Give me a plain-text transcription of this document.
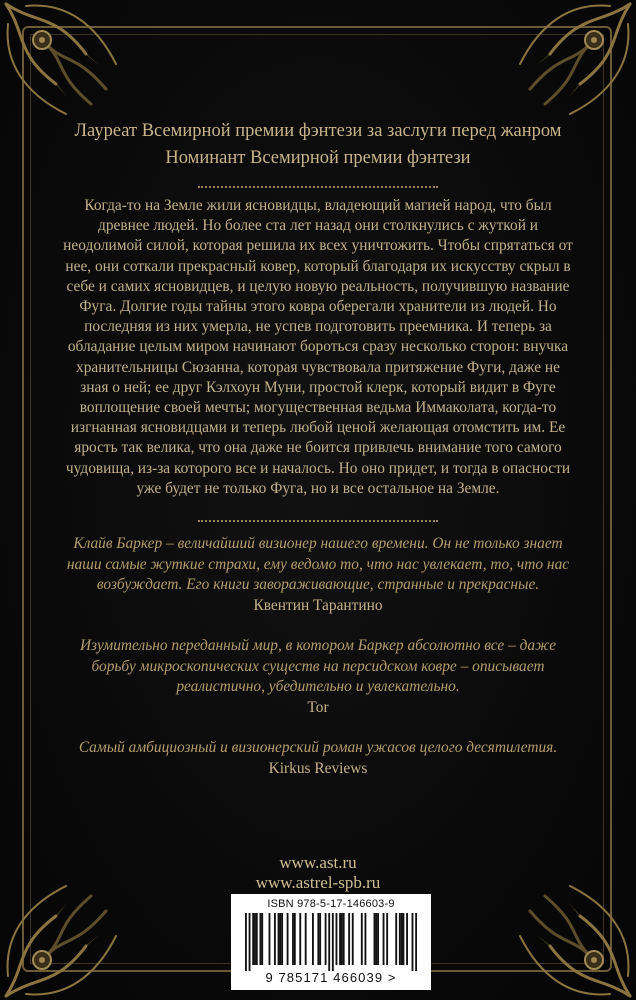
Лауреат Всемирной премии фэнтези за заслуги перед жанром
Номинант Всемирной премии фэнтези
Когда-то на Земле жили ясновидцы, владеющий магией народ, что был древнее людей. Но более ста лет назад они столкнулись с жуткой и неодолимой силой, которая решила их всех уничтожить. Чтобы спрятаться от нее, они соткали прекрасный ковер, который благодаря их искусству скрыл в себе и самих ясновидцев, и целую новую реальность, получившую название Фуга. Долгие годы тайны этого ковра оберегали хранители из людей. Но последняя из них умерла, не успев подготовить преемника. И теперь за обладание целым миром начинают бороться сразу несколько сторон: внучка хранительницы Сюзанна, которая чувствовала притяжение Фуги, даже не зная о ней; ее друг Кэлхоун Муни, простой клерк, который видит в Фуге воплощение своей мечты; могущественная ведьма Иммаколата, когда-то изгнанная ясновидцами и теперь любой ценой желающая отомстить им. Ее ярость так велика, что она даже не боится привлечь внимание того самого чудовища, из-за которого все и началось. Но оно придет, и тогда в опасности уже будет не только Фуга, но и все остальное на Земле.

Клайв Баркер – величайший визионер нашего времени. Он не только знает наши самые жуткие страхи, ему ведомо то, что нас увлекает, то, что нас возбуждает. Его книги завораживающие, странные и прекрасные.
Квентин Тарантино

Изумительно переданный мир, в котором Баркер абсолютно все – даже борьбу микроскопических существ на персидском ковре – описывает реалистично, убедительно и увлекательно.
Tor

Самый амбициозный и визионерский роман ужасов целого десятилетия.
Kirkus Reviews

www.ast.ru
www.astrel-spb.ru
ISBN 978-5-17-146603-9
9 785171 466039 >
